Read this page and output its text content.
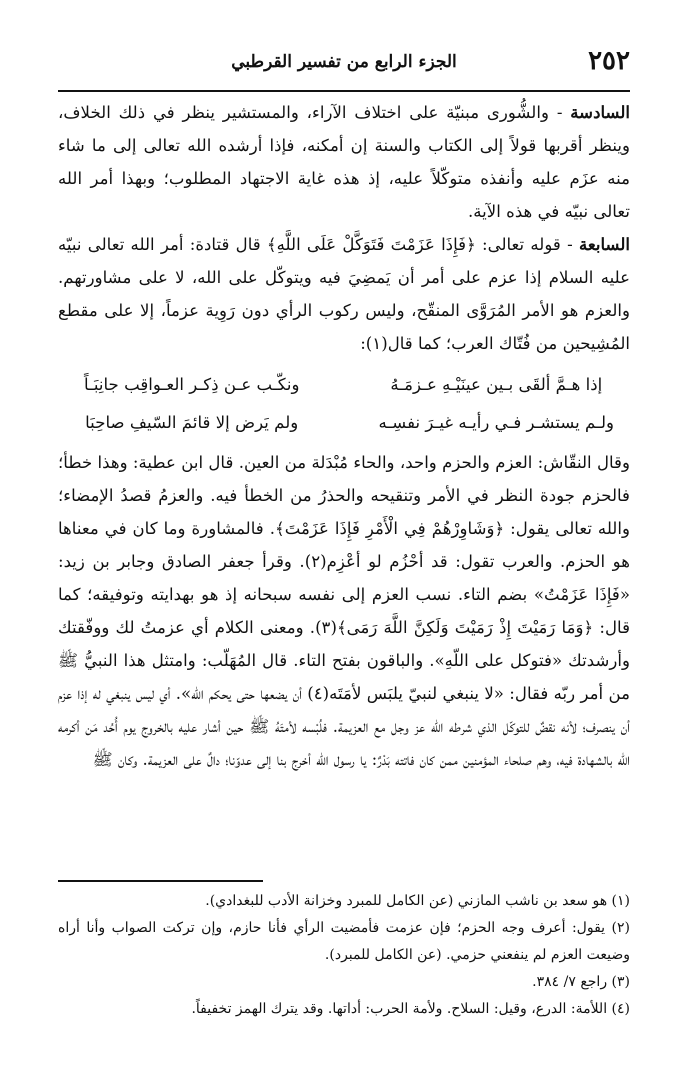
٢٥٢
الجزء الرابع من تفسير القرطبي

السادسة - والشُّورى مبنيّة على اختلاف الآراء، والمستشير ينظر في ذلك الخلاف، وينظر أقربها قولاً إلى الكتاب والسنة إن أمكنه، فإذا أرشده الله تعالى إلى ما شاء منه عزَم عليه وأنفذه متوكّلاً عليه، إذ هذه غاية الاجتهاد المطلوب؛ وبهذا أمر الله تعالى نبيّه في هذه الآية.

السابعة - قوله تعالى: ﴿فَإِذَا عَزَمْتَ فَتَوَكَّلْ عَلَى اللَّهِ﴾ قال قتادة: أمر الله تعالى نبيّه عليه السلام إذا عزم على أمر أن يَمضِيَ فيه ويتوكّل على الله، لا على مشاورتهم. والعزم هو الأمر المُرَوَّى المنقّح، وليس ركوب الرأي دون رَوِية عزماً، إلا على مقطع المُشِيحين من فُتّاك العرب؛ كما قال(١):

إذا هـمَّ ألقَى بـين عينَيْـهِ عـزمَـهُ
ونكّـب عـن ذِكـر العـواقِب جانِبَـاً
ولـم يستشـر فـي رأيـه غيـرَ نفسِـه
ولم يَرض إلا قائمَ السّيفِ صاحِبَا

وقال النقّاش: العزم والحزم واحد، والحاء مُبْدَلة من العين. قال ابن عطية: وهذا خطأ؛ فالحزم جودة النظر في الأمر وتنقيحه والحذرُ من الخطأ فيه. والعزمُ قصدُ الإمضاء؛ والله تعالى يقول: ﴿وَشَاوِرْهُمْ فِي الْأَمْرِ فَإِذَا عَزَمْتَ﴾. فالمشاورة وما كان في معناها هو الحزم. والعرب تقول: قد أحْزُم لو أعْزِم(٢). وقرأ جعفر الصادق وجابر بن زيد: «فَإِذَا عَزَمْتُ» بضم التاء. نسب العزم إلى نفسه سبحانه إذ هو بهدايته وتوفيقه؛ كما قال: ﴿وَمَا رَمَيْتَ إِذْ رَمَيْتَ وَلَكِنَّ اللَّهَ رَمَى﴾(٣). ومعنى الكلام أي عزمتُ لك ووفّقتك وأرشدتك «فتوكل على اللّهِ». والباقون بفتح التاء. قال المُهَلّب: وامتثل هذا النبيُّ ﷺ من أمر ربّه فقال: «لا ينبغي لنبيّ يلبَس لأمَتَه(٤) أن يضعها حتى يحكم الله». أي ليس ينبغي له إذا عزم أن ينصرف؛ لأنه نقضٌ للتوكّل الذي شرطه الله عز وجل مع العزيمة. فلُبْسه لأمتَهُ ﷺ حين أشار عليه بالخروج يوم أُحُد مَن أكرمه الله بالشهادة فيه، وهم صلحاء المؤمنين ممن كان فاتته بَدْرٌ: يا رسول الله أخرج بنا إلى عدوّنا؛ دالٌ على العزيمة. وكان ﷺ

(١) هو سعد بن ناشب المازني (عن الكامل للمبرد وخزانة الأدب للبغدادي).

(٢) يقول: أعرف وجه الحزم؛ فإن عزمت فأمضيت الرأي فأنا حازم، وإن تركت الصواب وأنا أراه وضيعت العزم لم ينفعني حزمي. (عن الكامل للمبرد).

(٣) راجع ٧/ ٣٨٤.

(٤) اللأمة: الدرع، وقيل: السلاح. ولأمة الحرب: أداتها. وقد يترك الهمز تخفيفاً.
